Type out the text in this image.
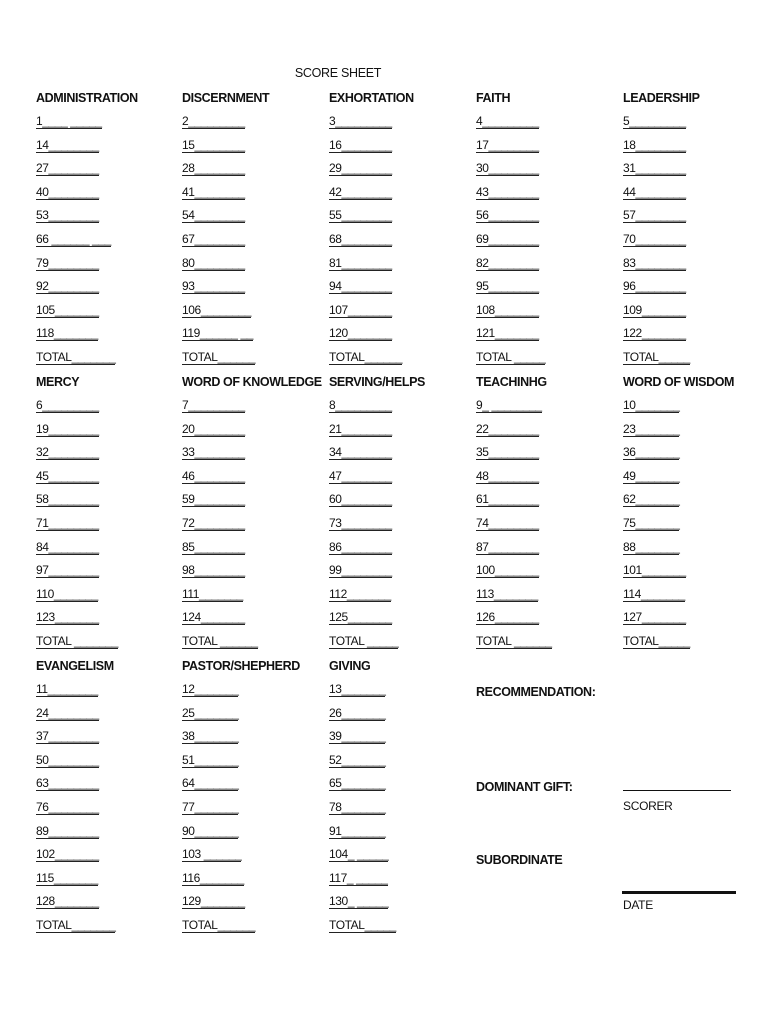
SCORE SHEET
ADMINISTRATION
1____ _____
14________
27________
40________
53________
66 ______ ___
79________
92________
105_______
118_______
TOTAL_______
DISCERNMENT
2_________
15________
28________
41________
54________
67________
80________
93________
106________
119______ __
TOTAL______
EXHORTATION
3_________
16________
29________
42________
55________
68________
81________
94________
107_______
120_______
TOTAL______
FAITH
4_________
17________
30________
43________
56________
69________
82________
95________
108_______
121_______
TOTAL _____
LEADERSHIP
5_________
18________
31________
44________
57________
70________
83________
96________
109_______
122_______
TOTAL_____
MERCY
6_________
19________
32________
45________
58________
71________
84________
97________
110_______
123_______
TOTAL _______
WORD OF KNOWLEDGE
7_________
20________
33________
46________
59________
72________
85________
98________
111_______
124_______
TOTAL ______
SERVING/HELPS
8_________
21________
34________
47________
60________
73________
86________
99________
112_______
125_______
TOTAL _____
TEACHINHG
9_ ________
22________
35________
48________
61________
74________
87________
100_______
113_______
126_______
TOTAL ______
WORD OF WISDOM
10_______
23_______
36_______
49_______
62_______
75_______
88_______
101_______
114_______
127_______
TOTAL_____
EVANGELISM
11________
24________
37________
50________
63________
76________
89________
102_______
115_______
128_______
TOTAL_______
PASTOR/SHEPHERD
12_______
25_______
38_______
51_______
64_______
77_______
90_______
103 ______
116_______
129_______
TOTAL______
GIVING
13_______
26_______
39_______
52_______
65_______
78_______
91_______
104_ _____
117_ _____
130_ _____
TOTAL_____
RECOMMENDATION:
DOMINANT GIFT:
SUBORDINATE
SCORER
DATE
